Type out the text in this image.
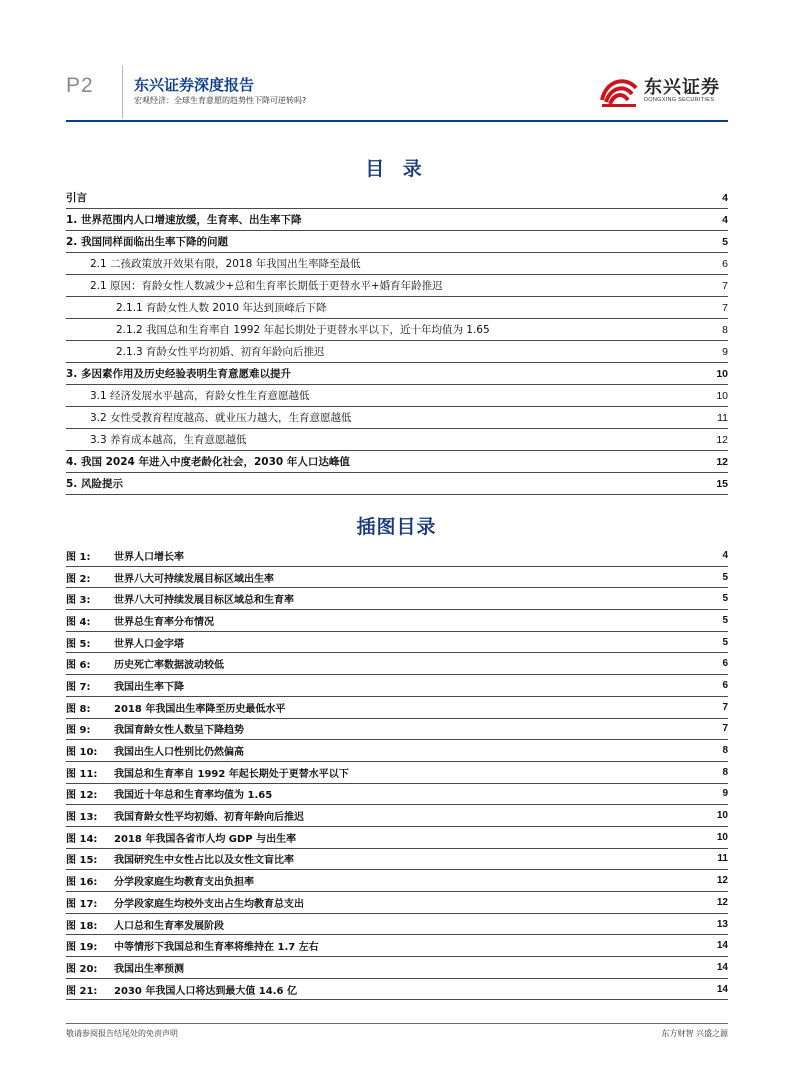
P2	东兴证券深度报告
宏观经济：全球生育意愿的趋势性下降可逆转吗?
东兴证券
DONGXING SECURITIES
目 录
引言	4
1. 世界范围内人口增速放缓，生育率、出生率下降	4
2. 我国同样面临出生率下降的问题	5
2.1 二孩政策放开效果有限，2018 年我国出生率降至最低	6
2.1 原因：育龄女性人数减少+总和生育率长期低于更替水平+婚育年龄推迟	7
2.1.1 育龄女性人数 2010 年达到顶峰后下降	7
2.1.2 我国总和生育率自 1992 年起长期处于更替水平以下，近十年均值为 1.65	8
2.1.3 育龄女性平均初婚、初育年龄向后推迟	9
3. 多因素作用及历史经验表明生育意愿难以提升	10
3.1 经济发展水平越高，育龄女性生育意愿越低	10
3.2 女性受教育程度越高、就业压力越大，生育意愿越低	11
3.3 养育成本越高，生育意愿越低	12
4. 我国 2024 年进入中度老龄化社会，2030 年人口达峰值	12
5. 风险提示	15
插图目录
图 1: 世界人口增长率	4
图 2: 世界八大可持续发展目标区域出生率	5
图 3: 世界八大可持续发展目标区域总和生育率	5
图 4: 世界总生育率分布情况	5
图 5: 世界人口金字塔	5
图 6: 历史死亡率数据波动较低	6
图 7: 我国出生率下降	6
图 8: 2018 年我国出生率降至历史最低水平	7
图 9: 我国育龄女性人数呈下降趋势	7
图 10: 我国出生人口性别比仍然偏高	8
图 11: 我国总和生育率自 1992 年起长期处于更替水平以下	8
图 12: 我国近十年总和生育率均值为 1.65	9
图 13: 我国育龄女性平均初婚、初育年龄向后推迟	10
图 14: 2018 年我国各省市人均 GDP 与出生率	10
图 15: 我国研究生中女性占比以及女性文盲比率	11
图 16: 分学段家庭生均教育支出负担率	12
图 17: 分学段家庭生均校外支出占生均教育总支出	12
图 18: 人口总和生育率发展阶段	13
图 19: 中等情形下我国总和生育率将维持在 1.7 左右	14
图 20: 我国出生率预测	14
图 21: 2030 年我国人口将达到最大值 14.6 亿	14
敬请参阅报告结尾处的免责声明	东方财智 兴盛之源
